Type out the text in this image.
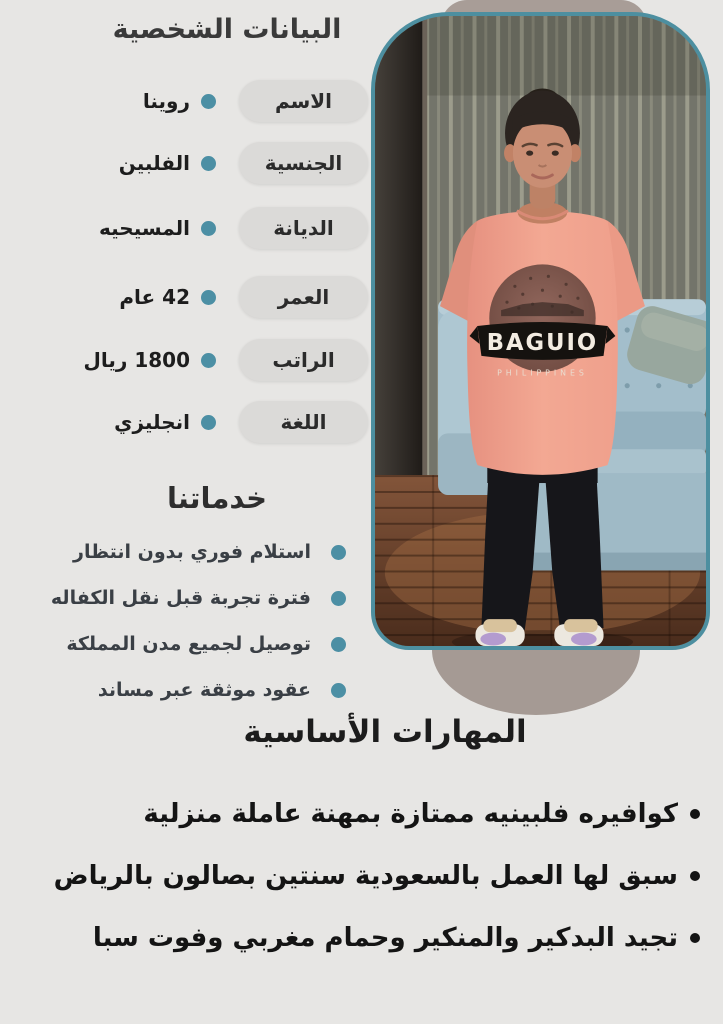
BAGUIO
PHILIPPINES
البيانات الشخصية
الاسم
روينا
الجنسية
الفلبين
الديانة
المسيحيه
العمر
42 عام
الراتب
1800 ريال
اللغة
انجليزي
خدماتنا
استلام فوري بدون انتظار
فترة تجربة قبل نقل الكفاله
توصيل لجميع مدن المملكة
عقود موثقة عبر مساند
المهارات الأساسية
كوافيره فلبينيه ممتازة بمهنة عاملة منزلية
سبق لها العمل بالسعودية سنتين بصالون بالرياض
تجيد البدكير والمنكير وحمام مغربي وفوت سبا
